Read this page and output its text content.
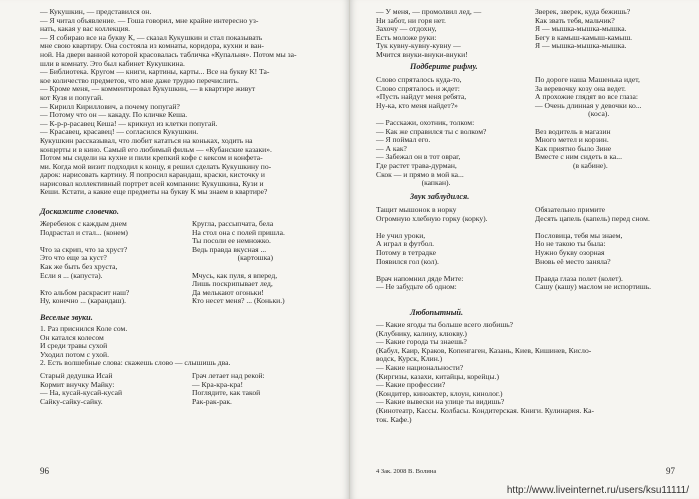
— Кукушкин, — представился он.
— Я читал объявление. — Гоша говорил, мне крайне интересно уз-
нать, какая у вас коллекция.
— Я собираю все на букву К, — сказал Кукушкин и стал показывать
мне свою квартиру. Она состояла из комнаты, коридора, кухни и ван-
ной. На двери ванной которой красовалась табличка «Купальня». Потом мы за-
шли в комнату. Это был кабинет Кукушкина.
— Библиотека. Кругом — книги, картины, карты... Все на букву К! Та-
кое количество предметов, что мне даже трудно перечислить.
— Кроме меня, — комментировал Кукушкин, — в квартире живут
кот Кузя и попугай.
— Кирилл Кириллович, а почему попугай?
— Потому что он — какаду. По кличке Кеша.
— К-р-р-расавец Кеша! — крикнул из клетки попугай.
— Красавец, красавец! — согласился Кукушкин.
Кукушкин рассказывал, что любит кататься на коньках, ходить на
концерты и в кино. Самый его любимый фильм — «Кубанские казаки».
Потом мы сидели на кухне и пили крепкий кофе с кексом и конфета-
ми. Когда мой визит подходил к концу, я решил сделать Кукушкину по-
дарок: нарисовать картину. Я попросил карандаш, краски, кисточку и
нарисовал коллективный портрет всей компании: Кукушкина, Кузи и
Кеши. Кстати, а какие еще предметы на букву К мы знаем в квартире?
Доскажите словечко.
Жеребенок с каждым днем
Подрастал и стал... (конем)

Что за скрип, что за хруст?
Это что еще за куст?
Как же быть без хруста,
Если я ... (капуста).

Кто альбом раскрасит наш?
Ну, конечно ... (карандаш).
Кругла, рассыпчата, бела
На стол она с полей пришла.
Ты посоли ее немножко.
Ведь правда вкусная ...
(картошка)

Мчусь, как пуля, я вперед,
Лишь поскрипывает лед,
Да мелькают огоньки!
Кто несет меня? ... (Коньки.)
Веселые звуки.
1. Раз приснился Коле сом.
Он катался колесом
И среди травы сухой
Уходил потом с ухой.
2. Есть волшебные слова: скажешь слово — слышишь два.
Старый дедушка Исай
Кормит внучку Майку:
— На, кусай-кусай-кусай
Сайку-сайку-сайку.
Грач летает над рекой:
— Кра-кра-кра!
Поглядите, как такой
Рак-рак-рак.
96
— У меня, — промолвил лед, —
Ни забот, ни горя нет.
Захочу — отдохну,
Есть моложе руки:
Тук кувну-кувну-кувну —
Мчится внуки-внуки-внуки!
Зверек, зверек, куда бежишь?
Как звать тебя, мальчик?
Я — мышка-мышка-мышка.
Бегу в камыш-камыш-камыш.
Я — мышка-мышка-мышка.
Подберите рифму.
Слово спряталось куда-то,
Слово спряталось и ждет:
«Пусть найдут меня ребята,
Ну-ка, кто меня найдет?»

— Расскажи, охотник, толком:
— Как же справился ты с волком?
— Я поймал его.
— А как?
— Забежал он в тот овраг,
Где растет трава-дурман,
Скок — и прямо в мой ка...
(капкан).
По дороге наша Машенька идет,
За веревочку козу она ведет.
А прохожие глядят во все глаза:
— Очень длинная у девочки ко...
(коса).

Вез водитель в магазин
Много метел и корзин.
Как приятно было Зине
Вместе с ним сидеть в ка...
(в кабине).
Звук заблудился.
Тащит мышонок в норку
Огромную хлебную горку (корку).

Не учил уроки,
А играл в футбол.
Потому в тетрадке
Появился гол (кол).

Врач напомнил дяде Мите:
— Не забудьте об одном:
Обязательно примите
Десять цапель (капель) перед сном.

Пословица, тебя мы знаем,
Но не такою ты была:
Нужно букву озорная
Вновь её место заняла?

Правда глаза полет (колет).
Сашу (кашу) маслом не испортишь.
Любопытный.
— Какие ягоды ты больше всего любишь?
(Клубнику, калину, клюкву.)
— Какие города ты знаешь?
(Кабул, Каир, Краков, Копенгаген, Казань, Киев, Кишинев, Кисло-
водск, Курск, Клин.)
— Какие национальности?
(Киргизы, казахи, китайцы, корейцы.)
— Какие профессии?
(Кондитер, киноактер, клоун, кинолог.)
— Какие вывески на улице ты видишь?
(Кинотеатр, Кассы. Колбасы. Кондитерская. Книги. Кулинария. Ка-
ток. Кафе.)
4 Зак. 2008 В. Волина	97
http://www.liveinternet.ru/users/ksu11111/
